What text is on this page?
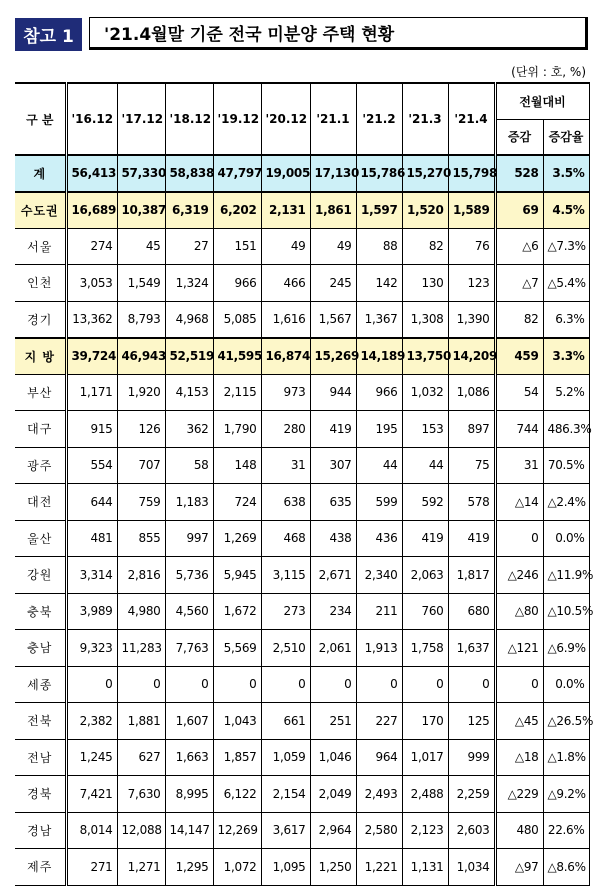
참고 1	'21.4월말 기준 전국 미분양 주택 현황
(단위 : 호, %)
구 분	'16.12	'17.12	'18.12	'19.12	'20.12	'21.1	'21.2	'21.3	'21.4	전월대비	
										증감	증감율
계	56,413	57,330	58,838	47,797	19,005	17,130	15,786	15,270	15,798	528	3.5%
수도권	16,689	10,387	6,319	6,202	2,131	1,861	1,597	1,520	1,589	69	4.5%
서울	274	45	27	151	49	49	88	82	76	△6	△7.3%
인천	3,053	1,549	1,324	966	466	245	142	130	123	△7	△5.4%
경기	13,362	8,793	4,968	5,085	1,616	1,567	1,367	1,308	1,390	82	6.3%
지 방	39,724	46,943	52,519	41,595	16,874	15,269	14,189	13,750	14,209	459	3.3%
부산	1,171	1,920	4,153	2,115	973	944	966	1,032	1,086	54	5.2%
대구	915	126	362	1,790	280	419	195	153	897	744	486.3%
광주	554	707	58	148	31	307	44	44	75	31	70.5%
대전	644	759	1,183	724	638	635	599	592	578	△14	△2.4%
울산	481	855	997	1,269	468	438	436	419	419	0	0.0%
강원	3,314	2,816	5,736	5,945	3,115	2,671	2,340	2,063	1,817	△246	△11.9%
충북	3,989	4,980	4,560	1,672	273	234	211	760	680	△80	△10.5%
충남	9,323	11,283	7,763	5,569	2,510	2,061	1,913	1,758	1,637	△121	△6.9%
세종	0	0	0	0	0	0	0	0	0	0	0.0%
전북	2,382	1,881	1,607	1,043	661	251	227	170	125	△45	△26.5%
전남	1,245	627	1,663	1,857	1,059	1,046	964	1,017	999	△18	△1.8%
경북	7,421	7,630	8,995	6,122	2,154	2,049	2,493	2,488	2,259	△229	△9.2%
경남	8,014	12,088	14,147	12,269	3,617	2,964	2,580	2,123	2,603	480	22.6%
제주	271	1,271	1,295	1,072	1,095	1,250	1,221	1,131	1,034	△97	△8.6%
